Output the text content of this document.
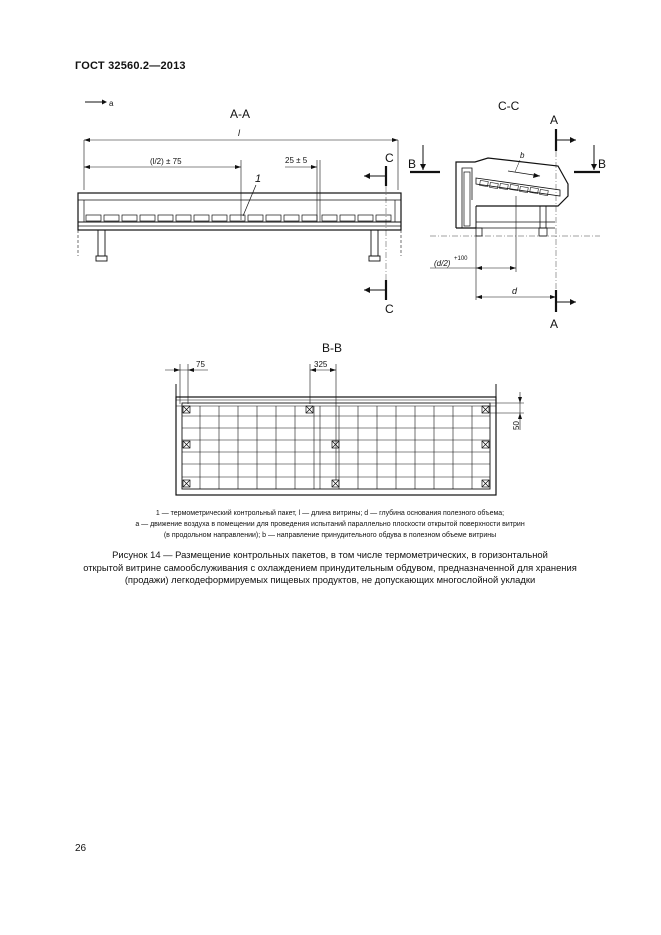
ГОСТ 32560.2—2013
a
A-A
l
(l/2) ± 75	25 ± 5
1
C
C
C-C
B	B
A
A
b
(d/2) +100
d
B-B
75	325
50

1 — термометрический контрольный пакет, l — длина витрины; d — глубина основания полезного объема;

a — движение воздуха в помещении для проведения испытаний параллельно плоскости открытой поверхности витрин

(в продольном направлении); b — направление принудительного обдува в полезном объеме витрины

Рисунок 14 — Размещение контрольных пакетов, в том числе термометрических, в горизонтальной

открытой витрине самообслуживания с охлаждением принудительным обдувом, предназначенной для хранения

(продажи) легкодеформируемых пищевых продуктов, не допускающих многослойной укладки

26
